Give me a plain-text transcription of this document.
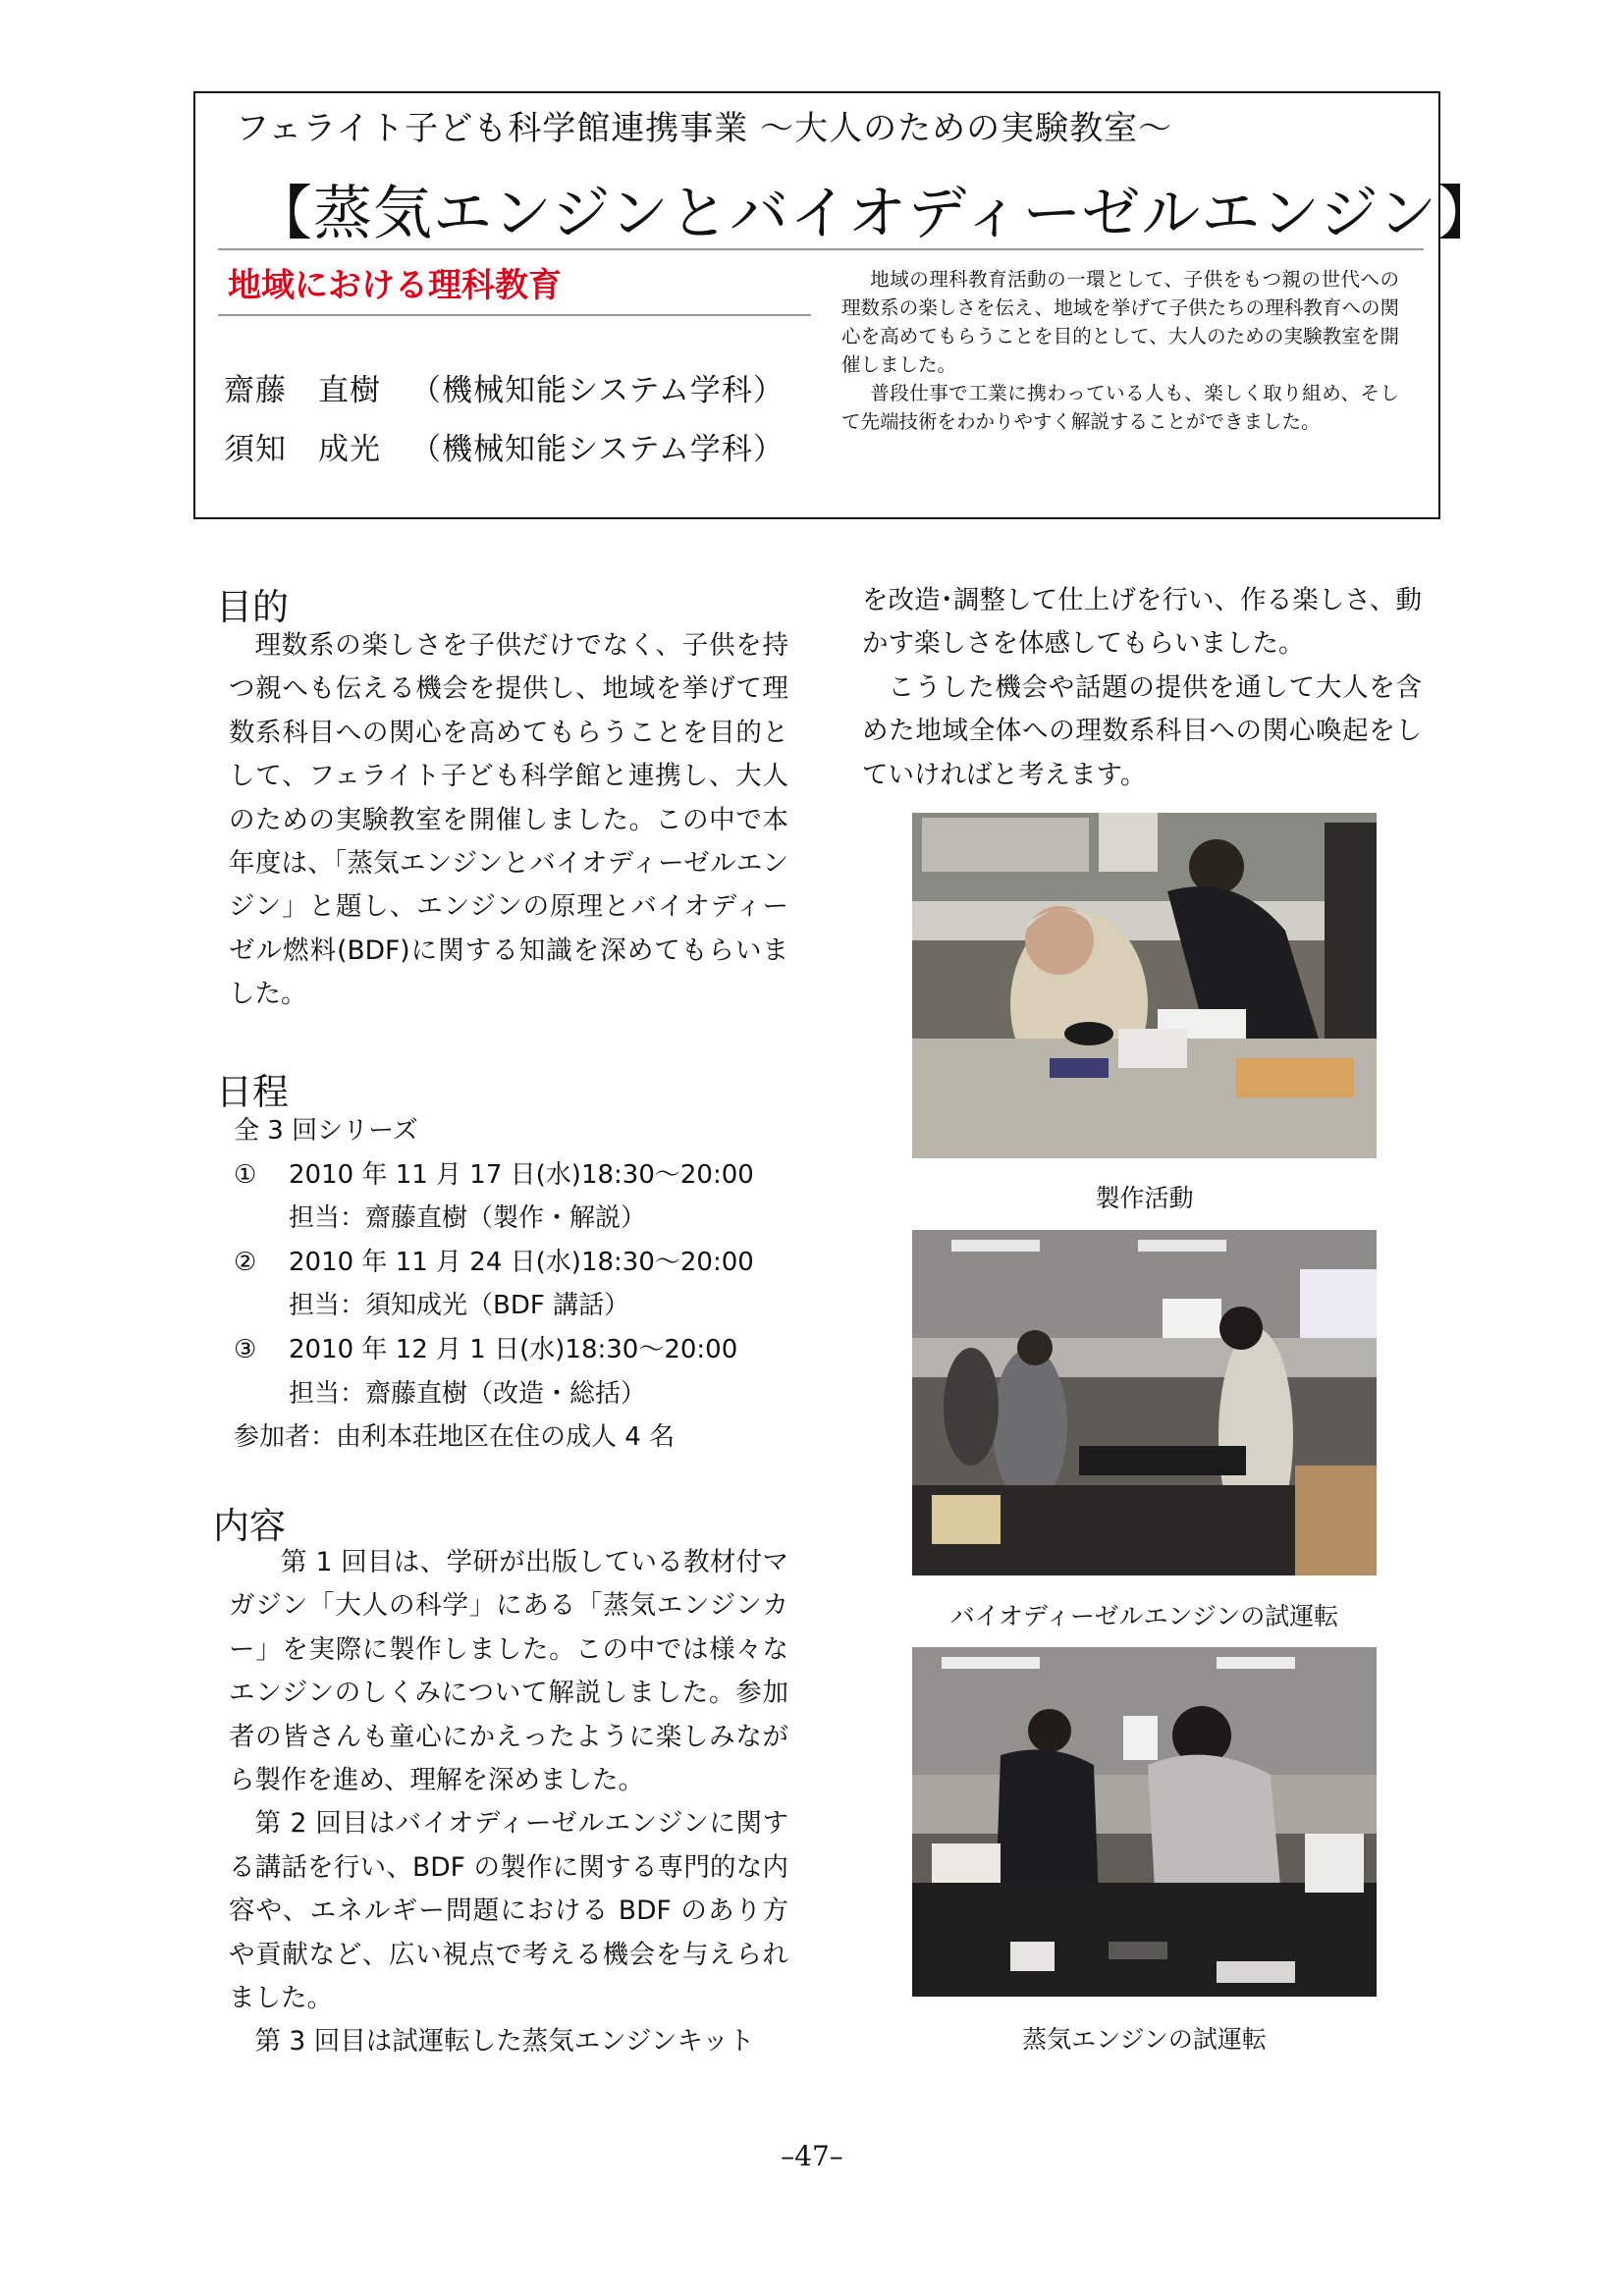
フェライト子ども科学館連携事業 ～大人のための実験教室～
【蒸気エンジンとバイオディーゼルエンジン】
地域における理科教育
齋藤　直樹 （機械知能システム学科）
須知　成光 （機械知能システム学科）

地域の理科教育活動の一環として、子供をもつ親の世代への理数系の楽しさを伝え、地域を挙げて子供たちの理科教育への関心を高めてもらうことを目的として、大人のための実験教室を開催しました。

普段仕事で工業に携わっている人も、楽しく取り組め、そして先端技術をわかりやすく解説することができました。

目的

理数系の楽しさを子供だけでなく、子供を持つ親へも伝える機会を提供し、地域を挙げて理数系科目への関心を高めてもらうことを目的として、フェライト子ども科学館と連携し、大人のための実験教室を開催しました。この中で本年度は、「蒸気エンジンとバイオディーゼルエンジン」と題し、エンジンの原理とバイオディーゼル燃料(BDF)に関する知識を深めてもらいました。

日程
全 3 回シリーズ
① 2010 年 11 月 17 日(水)18:30～20:00
担当：齋藤直樹（製作・解説）
② 2010 年 11 月 24 日(水)18:30～20:00
担当：須知成光（BDF 講話）
③ 2010 年 12 月 1 日(水)18:30～20:00
担当：齋藤直樹（改造・総括）
参加者：由利本荘地区在住の成人 4 名
内容

第 1 回目は、学研が出版している教材付マガジン「大人の科学」にある「蒸気エンジンカー」を実際に製作しました。この中では様々なエンジンのしくみについて解説しました。参加者の皆さんも童心にかえったように楽しみながら製作を進め、理解を深めました。

第 2 回目はバイオディーゼルエンジンに関する講話を行い、BDF の製作に関する専門的な内容や、エネルギー問題における BDF のあり方や貢献など、広い視点で考える機会を与えられました。

第 3 回目は試運転した蒸気エンジンキット

を改造･調整して仕上げを行い、作る楽しさ、動かす楽しさを体感してもらいました。

こうした機会や話題の提供を通して大人を含めた地域全体への理数系科目への関心喚起をしていければと考えます。

製作活動
バイオディーゼルエンジンの試運転
蒸気エンジンの試運転
–47–
